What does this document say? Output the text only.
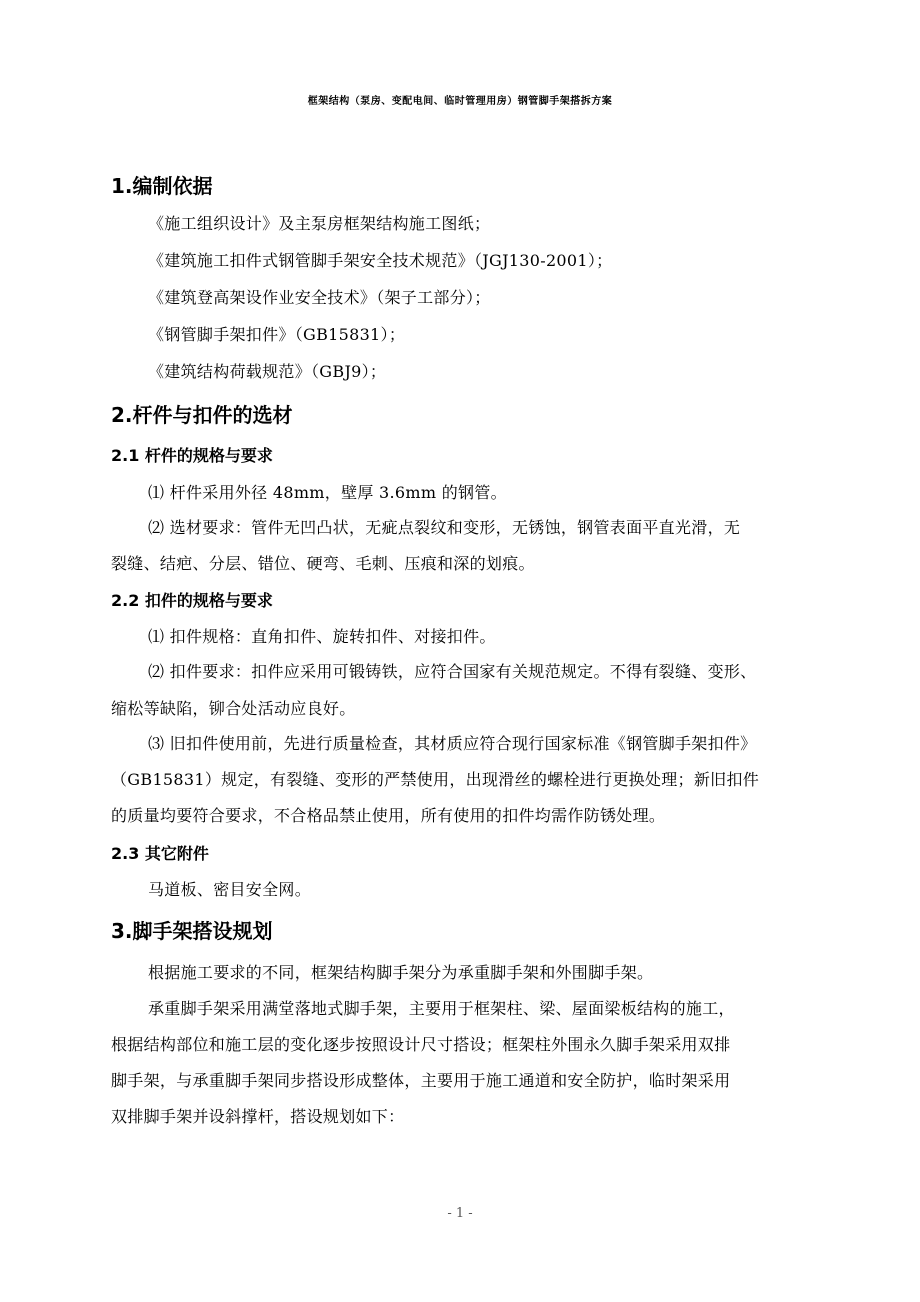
框架结构（泵房、变配电间、临时管理用房）钢管脚手架搭拆方案
1.编制依据
《施工组织设计》及主泵房框架结构施工图纸；
《建筑施工扣件式钢管脚手架安全技术规范》（JGJ130-2001）；
《建筑登高架设作业安全技术》（架子工部分）；
《钢管脚手架扣件》（GB15831）；
《建筑结构荷载规范》（GBJ9）；
2.杆件与扣件的选材
2.1 杆件的规格与要求
⑴ 杆件采用外径 48mm，壁厚 3.6mm 的钢管。
⑵ 选材要求：管件无凹凸状，无疵点裂纹和变形，无锈蚀，钢管表面平直光滑，无
裂缝、结疤、分层、错位、硬弯、毛刺、压痕和深的划痕。
2.2 扣件的规格与要求
⑴ 扣件规格：直角扣件、旋转扣件、对接扣件。
⑵ 扣件要求：扣件应采用可锻铸铁，应符合国家有关规范规定。不得有裂缝、变形、
缩松等缺陷，铆合处活动应良好。
⑶ 旧扣件使用前，先进行质量检查，其材质应符合现行国家标准《钢管脚手架扣件》
（GB15831）规定，有裂缝、变形的严禁使用，出现滑丝的螺栓进行更换处理；新旧扣件
的质量均要符合要求，不合格品禁止使用，所有使用的扣件均需作防锈处理。
2.3 其它附件
马道板、密目安全网。
3.脚手架搭设规划
根据施工要求的不同，框架结构脚手架分为承重脚手架和外围脚手架。
承重脚手架采用满堂落地式脚手架，主要用于框架柱、梁、屋面梁板结构的施工，
根据结构部位和施工层的变化逐步按照设计尺寸搭设；框架柱外围永久脚手架采用双排
脚手架，与承重脚手架同步搭设形成整体，主要用于施工通道和安全防护，临时架采用
双排脚手架并设斜撑杆，搭设规划如下：
- 1 -
